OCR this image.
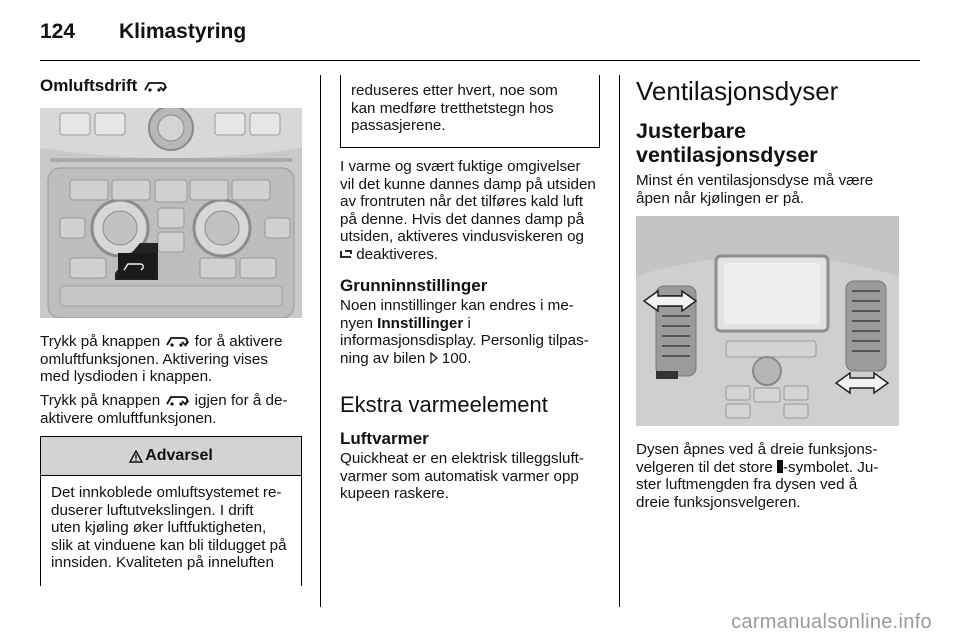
124 Klimastyring
Omluftsdrift

Trykk på knappen for å aktivere

omluftfunksjonen. Aktivering vises

med lysdioden i knappen.

Trykk på knappen igjen for å de-

aktivere omluftfunksjonen.

Advarsel
Det innkoblede omluftsystemet re-
duserer luftutvekslingen. I drift
uten kjøling øker luftfuktigheten,
slik at vinduene kan bli tildugget på
innsiden. Kvaliteten på inneluften
reduseres etter hvert, noe som
kan medføre tretthetstegn hos
passasjerene.

I varme og svært fuktige omgivelser

vil det kunne dannes damp på utsiden

av frontruten når det tilføres kald luft

på denne. Hvis det dannes damp på

utsiden, aktiveres vindusviskeren og

deaktiveres.

Grunninnstillinger

Noen innstillinger kan endres i me-

nyen Innstillinger i

informasjonsdisplay. Personlig tilpas-

ning av bilen 100.

Ekstra varmeelement
Luftvarmer

Quickheat er en elektrisk tilleggsluft-

varmer som automatisk varmer opp

kupeen raskere.

Ventilasjonsdyser
Justerbare
ventilasjonsdyser

Minst én ventilasjonsdyse må være

åpen når kjølingen er på.

Dysen åpnes ved å dreie funksjons-

velgeren til det store -symbolet. Ju-

ster luftmengden fra dysen ved å

dreie funksjonsvelgeren.

carmanualsonline.info
